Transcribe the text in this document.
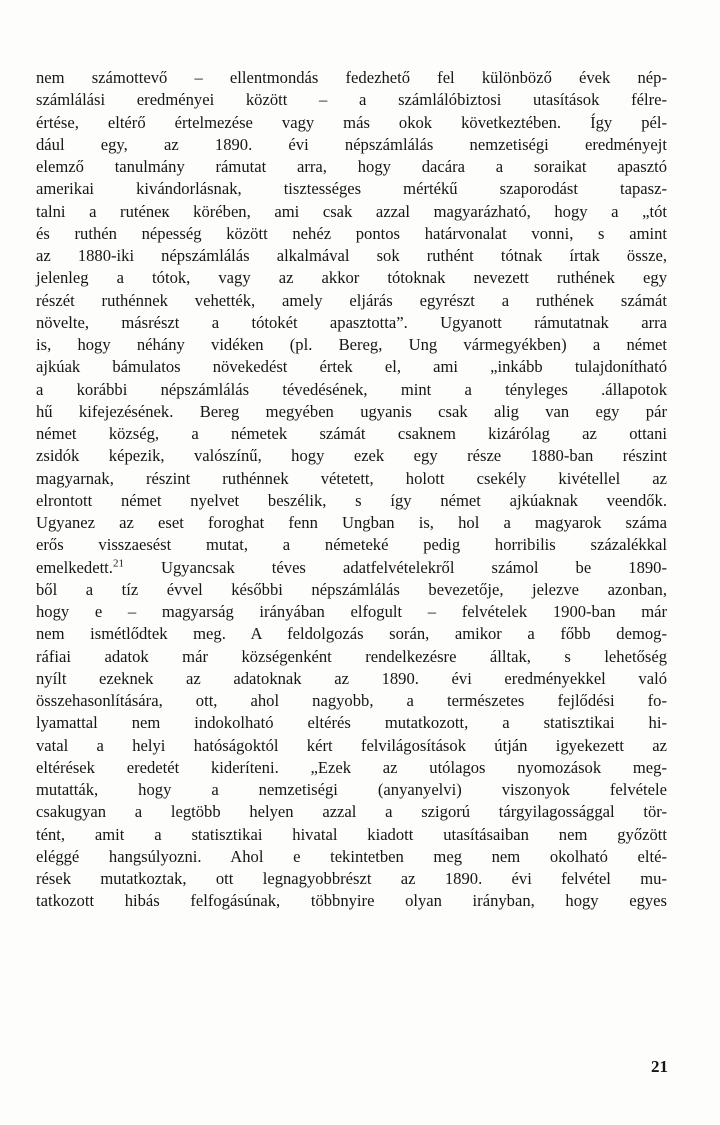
nem számottevő – ellentmondás fedezhető fel különböző évek nép-
számlálási eredményei között – a számlálóbiztosi utasítások félre-
értése, eltérő értelmezése vagy más okok következtében. Így pél-
dául egy, az 1890. évi népszámlálás nemzetiségi eredményejt
elemző tanulmány rámutat arra, hogy dacára a soraikat apasztó
amerikai kivándorlásnak, tisztességes mértékű szaporodást tapasz-
talni a ruténeк körében, ami csak azzal magyarázható, hogy a „tót
és ruthén népesség között nehéz pontos határvonalat vonni, s amint
az 1880-iki népszámlálás alkalmával sok ruthént tótnak írtak össze,
jelenleg a tótok, vagy az akkor tótoknak nevezett ruthének egy
részét ruthénnek vehették, amely eljárás egyrészt a ruthének számát
növelte, másrészt a tótokét apasztotta”. Ugyanott rámutatnak arra
is, hogy néhány vidéken (pl. Bereg, Ung vármegyékben) a német
ajkúak bámulatos növekedést értek el, ami „inkább tulajdonítható
a korábbi népszámlálás tévedésének, mint a tényleges .állapotok
hű kifejezésének. Bereg megyében ugyanis csak alig van egy pár
német község, a németek számát csaknem kizárólag az ottani
zsidók képezik, valószínű, hogy ezek egy része 1880-ban részint
magyarnak, részint ruthénnek vétetett, holott csekély kivétellel az
elrontott német nyelvet beszélik, s így német ajkúaknak veendők.
Ugyanez az eset foroghat fenn Ungban is, hol a magyarok száma
erős visszaesést mutat, a németeké pedig horribilis százalékkal
emelkedett.$^{21}$ Ugyancsak téves adatfelvételekről számol be 1890-
ből a tíz évvel későbbi népszámlálás bevezetője, jelezve azonban,
hogy e – magyarság irányában elfogult – felvételek 1900-ban már
nem ismétlődtek meg. A feldolgozás során, amikor a főbb demog-
ráfiai adatok már községenként rendelkezésre álltak, s lehetőség
nyílt ezeknek az adatoknak az 1890. évi eredményekkel való
összehasonlítására, ott, ahol nagyobb, a természetes fejlődési fo-
lyamattal nem indokolható eltérés mutatkozott, a statisztikai hi-
vatal a helyi hatóságoktól kért felvilágosítások útján igyekezett az
eltérések eredetét kideríteni. „Ezek az utólagos nyomozások meg-
mutatták, hogy a nemzetiségi (anyanyelvi) viszonyok felvétele
csakugyan a legtöbb helyen azzal a szigorú tárgyilagossággal tör-
tént, amit a statisztikai hivatal kiadott utasításaiban nem győzött
eléggé hangsúlyozni. Ahol e tekintetben meg nem okolható elté-
rések mutatkoztak, ott legnagyobbrészt az 1890. évi felvétel mu-
tatkozott hibás felfogásúnak, többnyire olyan irányban, hogy egyes
21
